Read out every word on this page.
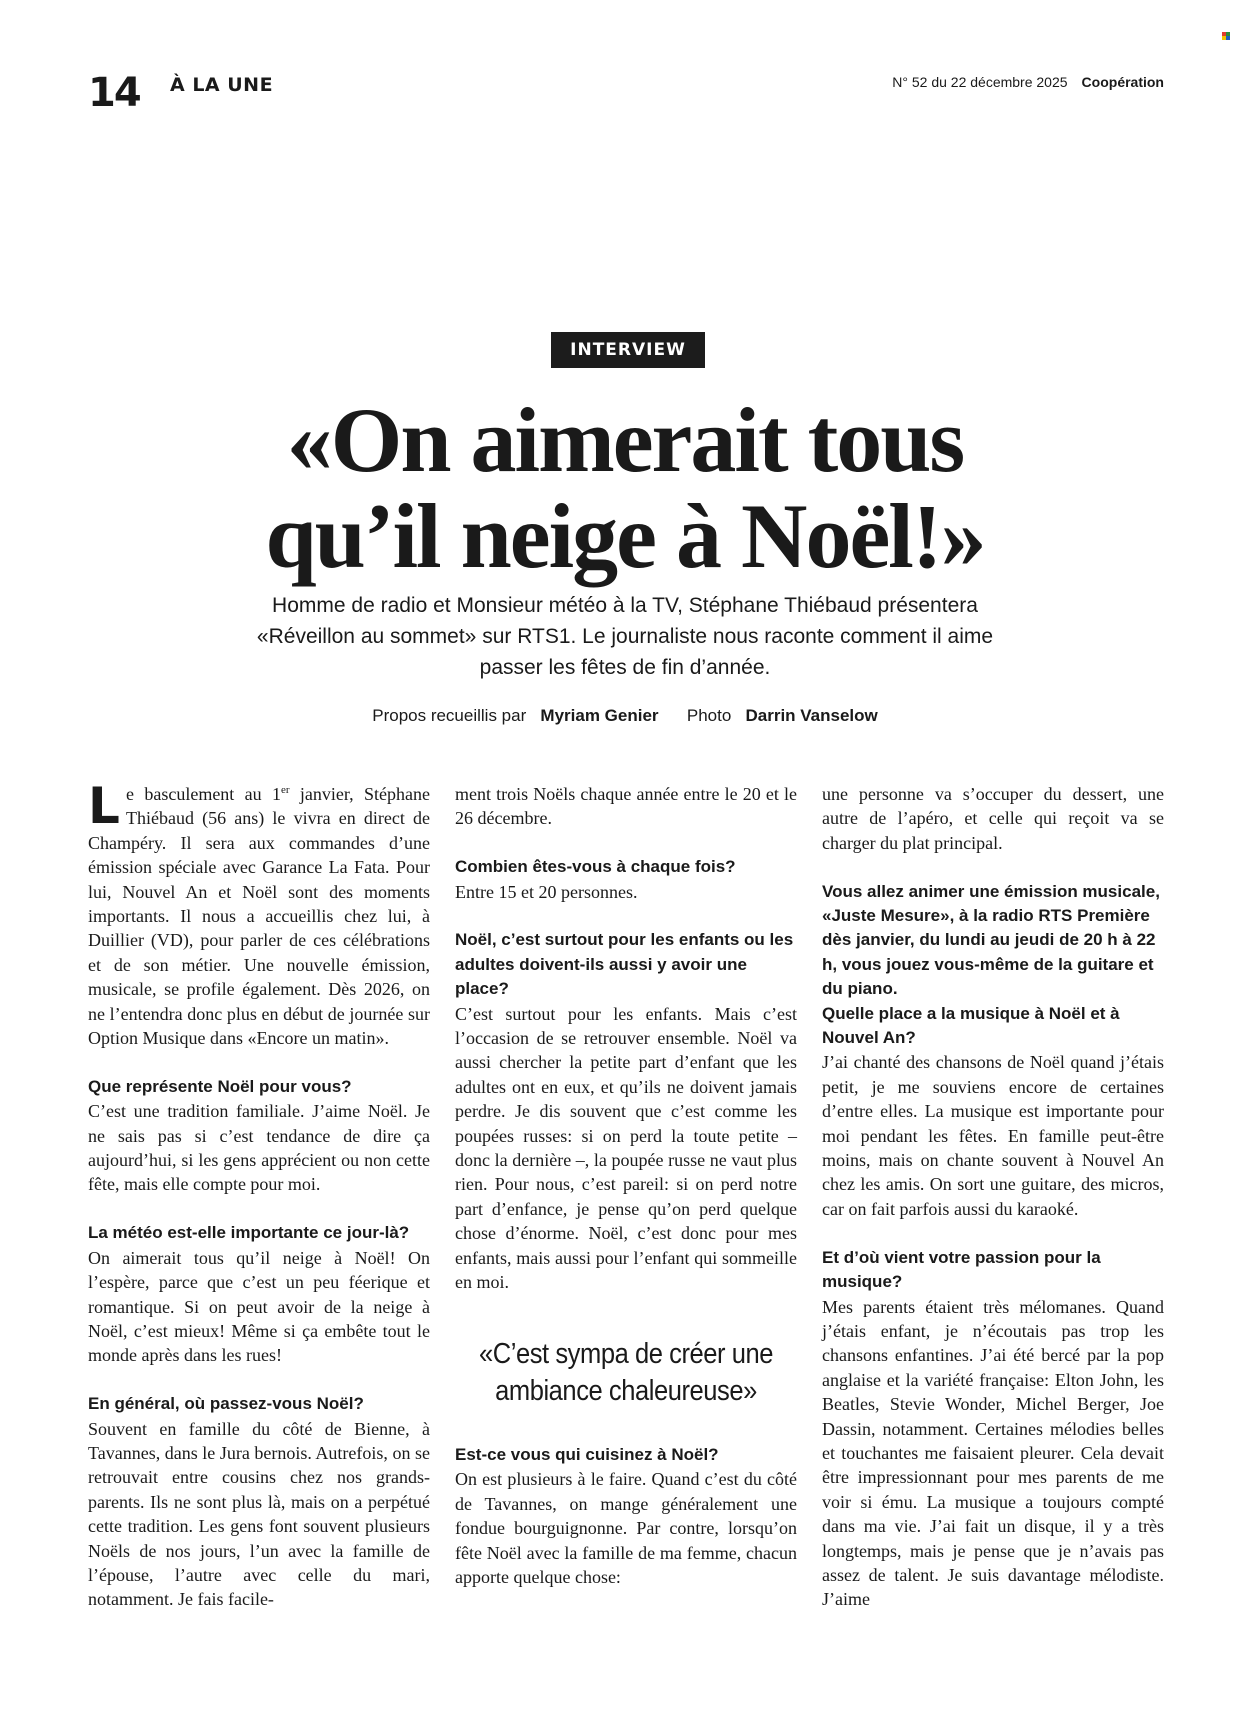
14 À LA UNE	N° 52 du 22 décembre 2025 Coopération
INTERVIEW
«On aimerait tous
qu’il neige à Noël!»
Homme de radio et Monsieur météo à la TV, Stéphane Thiébaud présentera «Réveillon au sommet» sur RTS1. Le journaliste nous raconte comment il aime passer les fêtes de fin d’année.
Propos recueillis par Myriam Genier Photo Darrin Vanselow

L e basculement au 1er janvier, Stéphane Thiébaud (56 ans) le vivra en direct de Champéry. Il sera aux commandes d’une émission spéciale avec Garance La Fata. Pour lui, Nouvel An et Noël sont des moments importants. Il nous a accueillis chez lui, à Duillier (VD), pour parler de ces célébrations et de son métier. Une nouvelle émission, musicale, se profile également. Dès 2026, on ne l’entendra donc plus en début de journée sur Option Musique dans «Encore un matin».

Que représente Noël pour vous?

C’est une tradition familiale. J’aime Noël. Je ne sais pas si c’est tendance de dire ça aujourd’hui, si les gens apprécient ou non cette fête, mais elle compte pour moi.

La météo est-elle importante ce jour-là?

On aimerait tous qu’il neige à Noël! On l’espère, parce que c’est un peu féerique et romantique. Si on peut avoir de la neige à Noël, c’est mieux! Même si ça embête tout le monde après dans les rues!

En général, où passez-vous Noël?

Souvent en famille du côté de Bienne, à Tavannes, dans le Jura bernois. Autrefois, on se retrouvait entre cousins chez nos grands-parents. Ils ne sont plus là, mais on a perpétué cette tradition. Les gens font souvent plusieurs Noëls de nos jours, l’un avec la famille de l’épouse, l’autre avec celle du mari, notamment. Je fais facile-

ment trois Noëls chaque année entre le 20 et le 26 décembre.

Combien êtes-vous à chaque fois?

Entre 15 et 20 personnes.

Noël, c’est surtout pour les enfants ou les adultes doivent-ils aussi y avoir une place?

C’est surtout pour les enfants. Mais c’est l’occasion de se retrouver ensemble. Noël va aussi chercher la petite part d’enfant que les adultes ont en eux, et qu’ils ne doivent jamais perdre. Je dis souvent que c’est comme les poupées russes: si on perd la toute petite – donc la dernière –, la poupée russe ne vaut plus rien. Pour nous, c’est pareil: si on perd notre part d’enfance, je pense qu’on perd quelque chose d’énorme. Noël, c’est donc pour mes enfants, mais aussi pour l’enfant qui sommeille en moi.

«C’est sympa de créer une ambiance chaleureuse»

Est-ce vous qui cuisinez à Noël?

On est plusieurs à le faire. Quand c’est du côté de Tavannes, on mange généralement une fondue bourguignonne. Par contre, lorsqu’on fête Noël avec la famille de ma femme, chacun apporte quelque chose:

une personne va s’occuper du dessert, une autre de l’apéro, et celle qui reçoit va se charger du plat principal.

Vous allez animer une émission musicale, «Juste Mesure», à la radio RTS Première dès janvier, du lundi au jeudi de 20 h à 22 h, vous jouez vous-même de la guitare et du piano.

Quelle place a la musique à Noël et à Nouvel An?

J’ai chanté des chansons de Noël quand j’étais petit, je me souviens encore de certaines d’entre elles. La musique est importante pour moi pendant les fêtes. En famille peut-être moins, mais on chante souvent à Nouvel An chez les amis. On sort une guitare, des micros, car on fait parfois aussi du karaoké.

Et d’où vient votre passion pour la musique?

Mes parents étaient très mélomanes. Quand j’étais enfant, je n’écoutais pas trop les chansons enfantines. J’ai été bercé par la pop anglaise et la variété française: Elton John, les Beatles, Stevie Wonder, Michel Berger, Joe Dassin, notamment. Certaines mélodies belles et touchantes me faisaient pleurer. Cela devait être impressionnant pour mes parents de me voir si ému. La musique a toujours compté dans ma vie. J’ai fait un disque, il y a très longtemps, mais je pense que je n’avais pas assez de talent. Je suis davantage mélodiste. J’aime
